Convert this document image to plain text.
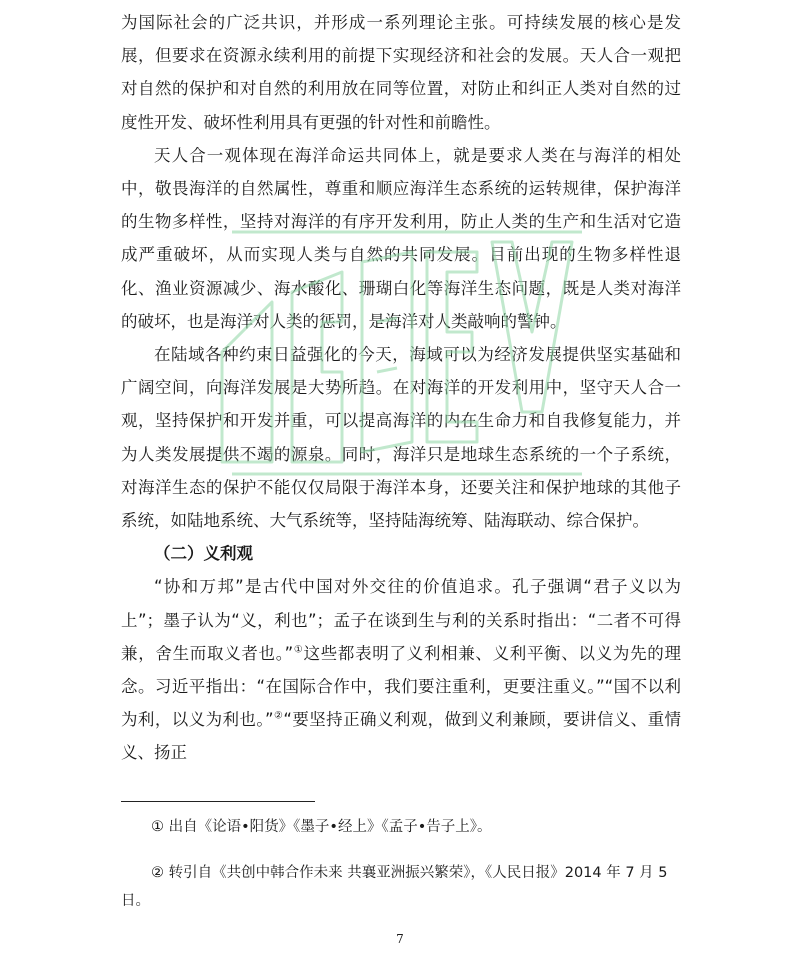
为国际社会的广泛共识，并形成一系列理论主张。可持续发展的核心是发展，但要求在资源永续利用的前提下实现经济和社会的发展。天人合一观把对自然的保护和对自然的利用放在同等位置，对防止和纠正人类对自然的过度性开发、破坏性利用具有更强的针对性和前瞻性。

天人合一观体现在海洋命运共同体上，就是要求人类在与海洋的相处中，敬畏海洋的自然属性，尊重和顺应海洋生态系统的运转规律，保护海洋的生物多样性，坚持对海洋的有序开发利用，防止人类的生产和生活对它造成严重破坏，从而实现人类与自然的共同发展。目前出现的生物多样性退化、渔业资源减少、海水酸化、珊瑚白化等海洋生态问题，既是人类对海洋的破坏，也是海洋对人类的惩罚，是海洋对人类敲响的警钟。

在陆域各种约束日益强化的今天，海域可以为经济发展提供坚实基础和广阔空间，向海洋发展是大势所趋。在对海洋的开发利用中，坚守天人合一观，坚持保护和开发并重，可以提高海洋的内在生命力和自我修复能力，并为人类发展提供不竭的源泉。同时，海洋只是地球生态系统的一个子系统，对海洋生态的保护不能仅仅局限于海洋本身，还要关注和保护地球的其他子系统，如陆地系统、大气系统等，坚持陆海统筹、陆海联动、综合保护。

（二）义利观

“协和万邦”是古代中国对外交往的价值追求。孔子强调“君子义以为上”；墨子认为“义，利也”；孟子在谈到生与利的关系时指出：“二者不可得兼，舍生而取义者也。”①这些都表明了义利相兼、义利平衡、以义为先的理念。习近平指出：“在国际合作中，我们要注重利，更要注重义。”“国不以利为利，以义为利也。”②“要坚持正确义利观，做到义利兼顾，要讲信义、重情义、扬正

① 出自《论语•阳货》《墨子•经上》《孟子•告子上》。

② 转引自《共创中韩合作未来 共襄亚洲振兴繁荣》，《人民日报》2014 年 7 月 5 日。

7
